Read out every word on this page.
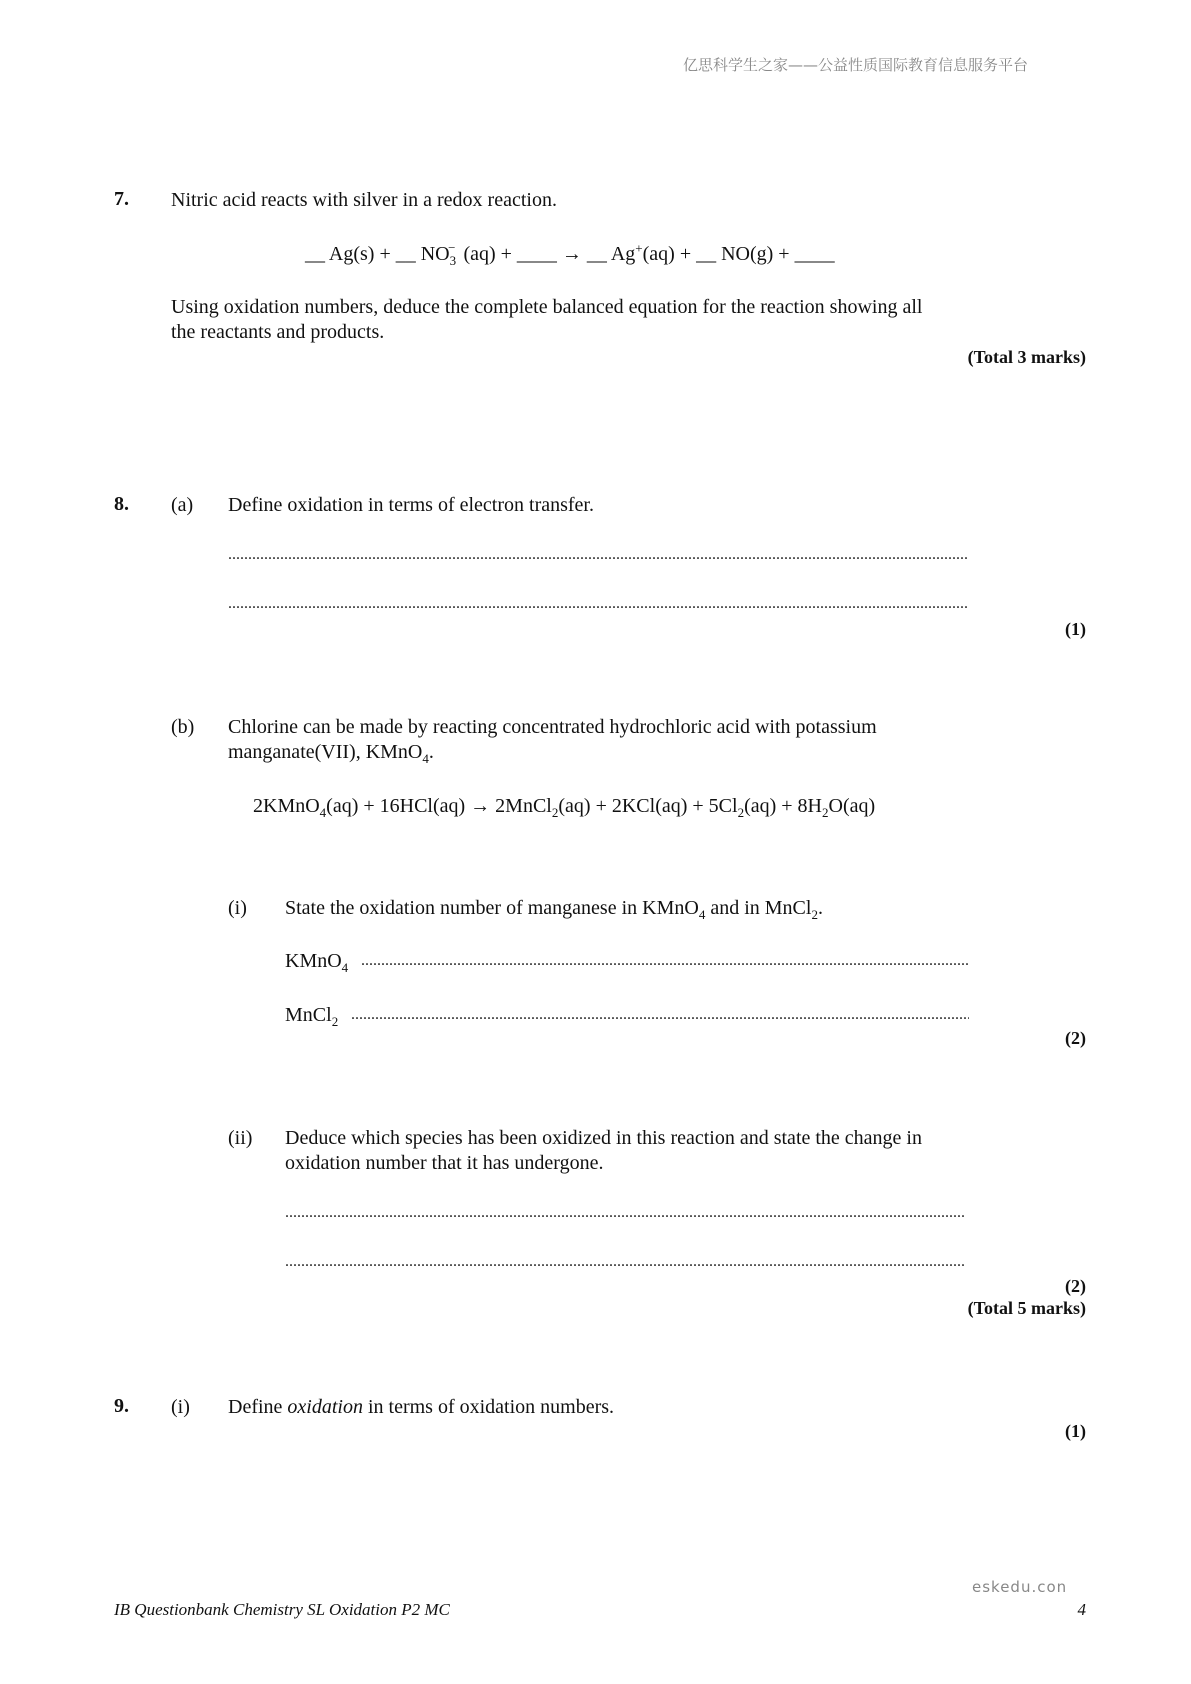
亿思科学生之家——公益性质国际教育信息服务平台
7. Nitric acid reacts with silver in a redox reaction.
__ Ag(s) + __ $NO_3^-$ (aq) + ____ → __ Ag+(aq) + __ NO(g) + ____
Using oxidation numbers, deduce the complete balanced equation for the reaction showing all
the reactants and products.
(Total 3 marks)
8. (a) Define oxidation in terms of electron transfer.
.....
.....
(1)
(b) Chlorine can be made by reacting concentrated hydrochloric acid with potassium
manganate(VII), KMnO$_4$.
2KMnO$_4$(aq) + 16HCl(aq) → 2MnCl$_2$(aq) + $2KCl(aq) + 5Cl_2(aq) + 8H_2O(aq)$
(i) State the oxidation number of manganese in KMnO$_4$ and in MnCl$_2$.
KMnO$_4$
.....
MnCl$_2$
.....
(2)
(ii) Deduce which species has been oxidized in this reaction and state the change in
oxidation number that it has undergone.
.....
.....
(2)
(Total 5 marks)
9. (i) Define oxidation in terms of oxidation numbers.
(1)
eskedu.con
IB Questionbank Chemistry SL Oxidation P2 MC	4
